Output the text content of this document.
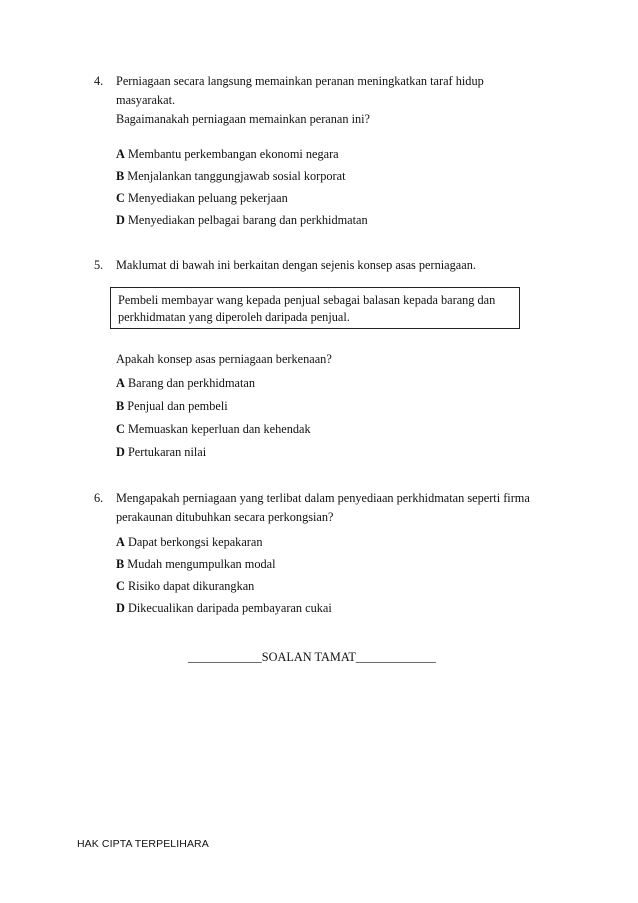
4. Perniagaan secara langsung memainkan peranan meningkatkan taraf hidup
masyarakat.
Bagaimanakah perniagaan memainkan peranan ini?
A Membantu perkembangan ekonomi negara
B Menjalankan tanggungjawab sosial korporat
C Menyediakan peluang pekerjaan
D Menyediakan pelbagai barang dan perkhidmatan
5. Maklumat di bawah ini berkaitan dengan sejenis konsep asas perniagaan.
Pembeli membayar wang kepada penjual sebagai balasan kepada barang dan
perkhidmatan yang diperoleh daripada penjual.
Apakah konsep asas perniagaan berkenaan?
A Barang dan perkhidmatan
B Penjual dan pembeli
C Memuaskan keperluan dan kehendak
D Pertukaran nilai
6. Mengapakah perniagaan yang terlibat dalam penyediaan perkhidmatan seperti firma
perakaunan ditubuhkan secara perkongsian?
A Dapat berkongsi kepakaran
B Mudah mengumpulkan modal
C Risiko dapat dikurangkan
D Dikecualikan daripada pembayaran cukai
____________SOALAN TAMAT_____________
HAK CIPTA TERPELIHARA
